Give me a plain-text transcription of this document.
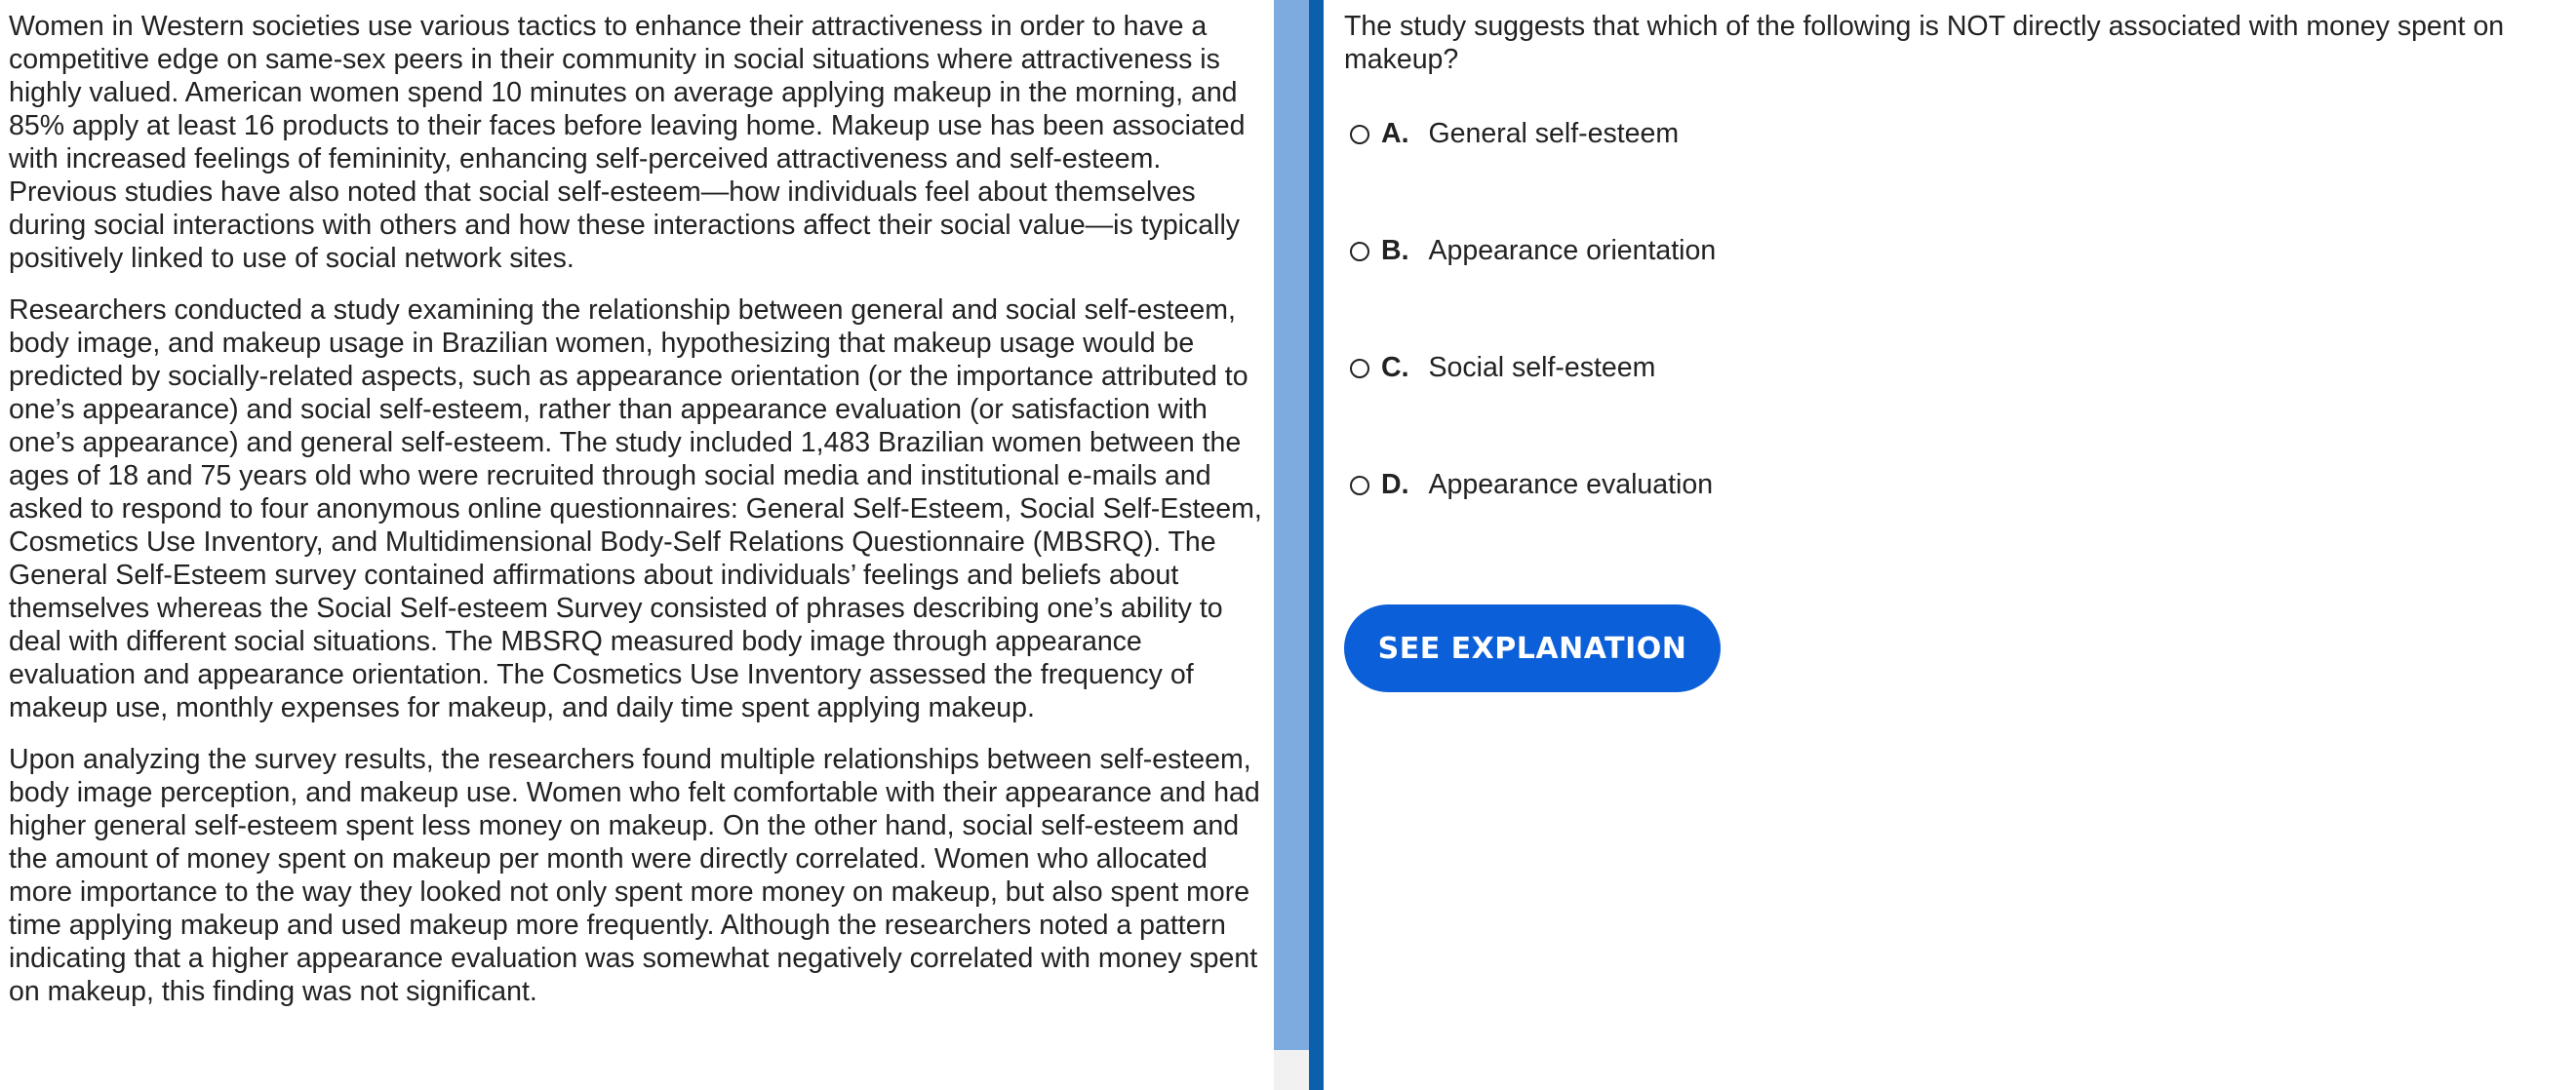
Women in Western societies use various tactics to enhance their attractiveness in order to have a competitive edge on same-sex peers in their community in social situations where attractiveness is highly valued. American women spend 10 minutes on average applying makeup in the morning, and 85% apply at least 16 products to their faces before leaving home. Makeup use has been associated with increased feelings of femininity, enhancing self-perceived attractiveness and self-esteem. Previous studies have also noted that social self-esteem—how individuals feel about themselves during social interactions with others and how these interactions affect their social value—is typically positively linked to use of social network sites.

Researchers conducted a study examining the relationship between general and social self-esteem, body image, and makeup usage in Brazilian women, hypothesizing that makeup usage would be predicted by socially-related aspects, such as appearance orientation (or the importance attributed to one’s appearance) and social self-esteem, rather than appearance evaluation (or satisfaction with one’s appearance) and general self-esteem. The study included 1,483 Brazilian women between the ages of 18 and 75 years old who were recruited through social media and institutional e-mails and asked to respond to four anonymous online questionnaires: General Self-Esteem, Social Self-Esteem, Cosmetics Use Inventory, and Multidimensional Body-Self Relations Questionnaire (MBSRQ). The General Self-Esteem survey contained affirmations about individuals’ feelings and beliefs about themselves whereas the Social Self-esteem Survey consisted of phrases describing one’s ability to deal with different social situations. The MBSRQ measured body image through appearance evaluation and appearance orientation. The Cosmetics Use Inventory assessed the frequency of makeup use, monthly expenses for makeup, and daily time spent applying makeup.

Upon analyzing the survey results, the researchers found multiple relationships between self-esteem, body image perception, and makeup use. Women who felt comfortable with their appearance and had higher general self-esteem spent less money on makeup. On the other hand, social self-esteem and the amount of money spent on makeup per month were directly correlated. Women who allocated more importance to the way they looked not only spent more money on makeup, but also spent more time applying makeup and used makeup more frequently. Although the researchers noted a pattern indicating that a higher appearance evaluation was somewhat negatively correlated with money spent on makeup, this finding was not significant.

The study suggests that which of the following is NOT directly associated with money spent on makeup?

A. General self-esteem
B. Appearance orientation
C. Social self-esteem
D. Appearance evaluation
SEE EXPLANATION
